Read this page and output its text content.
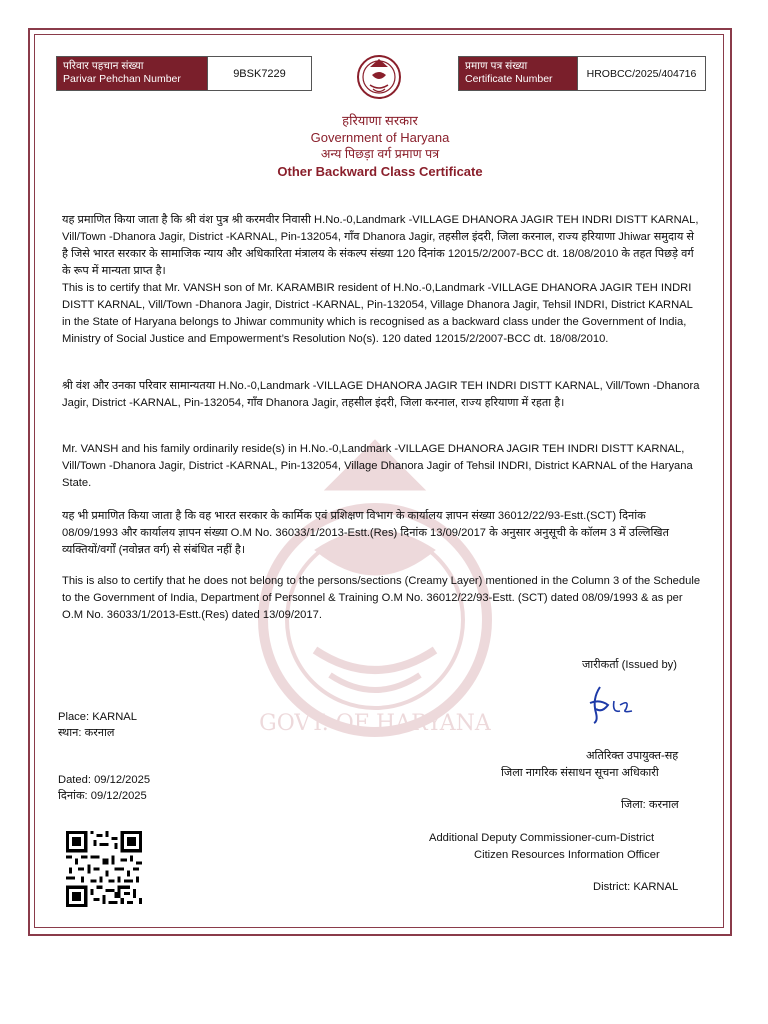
परिवार पहचान संख्या
Parivar Pehchan Number	9BSK7229
प्रमाण पत्र संख्या
Certificate Number	HROBCC/2025/404716
हरियाणा सरकार
Government of Haryana
अन्य पिछड़ा वर्ग प्रमाण पत्र
Other Backward Class Certificate
GOVT. OF HARYANA
यह प्रमाणित किया जाता है कि श्री वंश पुत्र श्री करमवीर निवासी H.No.-0,Landmark -VILLAGE DHANORA JAGIR TEH INDRI DISTT KARNAL, Vill/Town -Dhanora Jagir, District -KARNAL, Pin-132054, गाँव Dhanora Jagir, तहसील इंदरी, जिला करनाल, राज्य हरियाणा Jhiwar समुदाय से है जिसे भारत सरकार के सामाजिक न्याय और अधिकारिता मंत्रालय के संकल्प संख्या 120 दिनांक 12015/2/2007-BCC dt. 18/08/2010 के तहत पिछड़े वर्ग के रूप में मान्यता प्राप्त है।
This is to certify that Mr. VANSH son of Mr. KARAMBIR resident of H.No.-0,Landmark -VILLAGE DHANORA JAGIR TEH INDRI DISTT KARNAL, Vill/Town -Dhanora Jagir, District -KARNAL, Pin-132054, Village Dhanora Jagir, Tehsil INDRI, District KARNAL in the State of Haryana belongs to Jhiwar community which is recognised as a backward class under the Government of India, Ministry of Social Justice and Empowerment’s Resolution No(s). 120 dated 12015/2/2007-BCC dt. 18/08/2010.
श्री वंश और उनका परिवार सामान्यतया H.No.-0,Landmark -VILLAGE DHANORA JAGIR TEH INDRI DISTT KARNAL, Vill/Town -Dhanora Jagir, District -KARNAL, Pin-132054, गाँव Dhanora Jagir, तहसील इंदरी, जिला करनाल, राज्य हरियाणा में रहता है।
Mr. VANSH and his family ordinarily reside(s) in H.No.-0,Landmark -VILLAGE DHANORA JAGIR TEH INDRI DISTT KARNAL, Vill/Town -Dhanora Jagir, District -KARNAL, Pin-132054, Village Dhanora Jagir of Tehsil INDRI, District KARNAL of the Haryana State.
यह भी प्रमाणित किया जाता है कि वह भारत सरकार के कार्मिक एवं प्रशिक्षण विभाग के कार्यालय ज्ञापन संख्या 36012/22/93-Estt.(SCT) दिनांक 08/09/1993 और कार्यालय ज्ञापन संख्या O.M No. 36033/1/2013-Estt.(Res) दिनांक 13/09/2017 के अनुसार अनुसूची के कॉलम 3 में उल्लिखित व्यक्तियों/वर्गों (नवोन्नत वर्ग) से संबंधित नहीं है।
This is also to certify that he does not belong to the persons/sections (Creamy Layer) mentioned in the Column 3 of the Schedule to the Government of India, Department of Personnel & Training O.M No. 36012/22/93-Estt. (SCT) dated 08/09/1993 & as per O.M No. 36033/1/2013-Estt.(Res) dated 13/09/2017.
जारीकर्ता (Issued by)
Place: KARNAL
स्थान: करनाल
Dated: 09/12/2025
दिनांक: 09/12/2025
अतिरिक्त उपायुक्त-सह
जिला नागरिक संसाधन सूचना अधिकारी
जिला: करनाल
Additional Deputy Commissioner-cum-District
Citizen Resources Information Officer
District: KARNAL
